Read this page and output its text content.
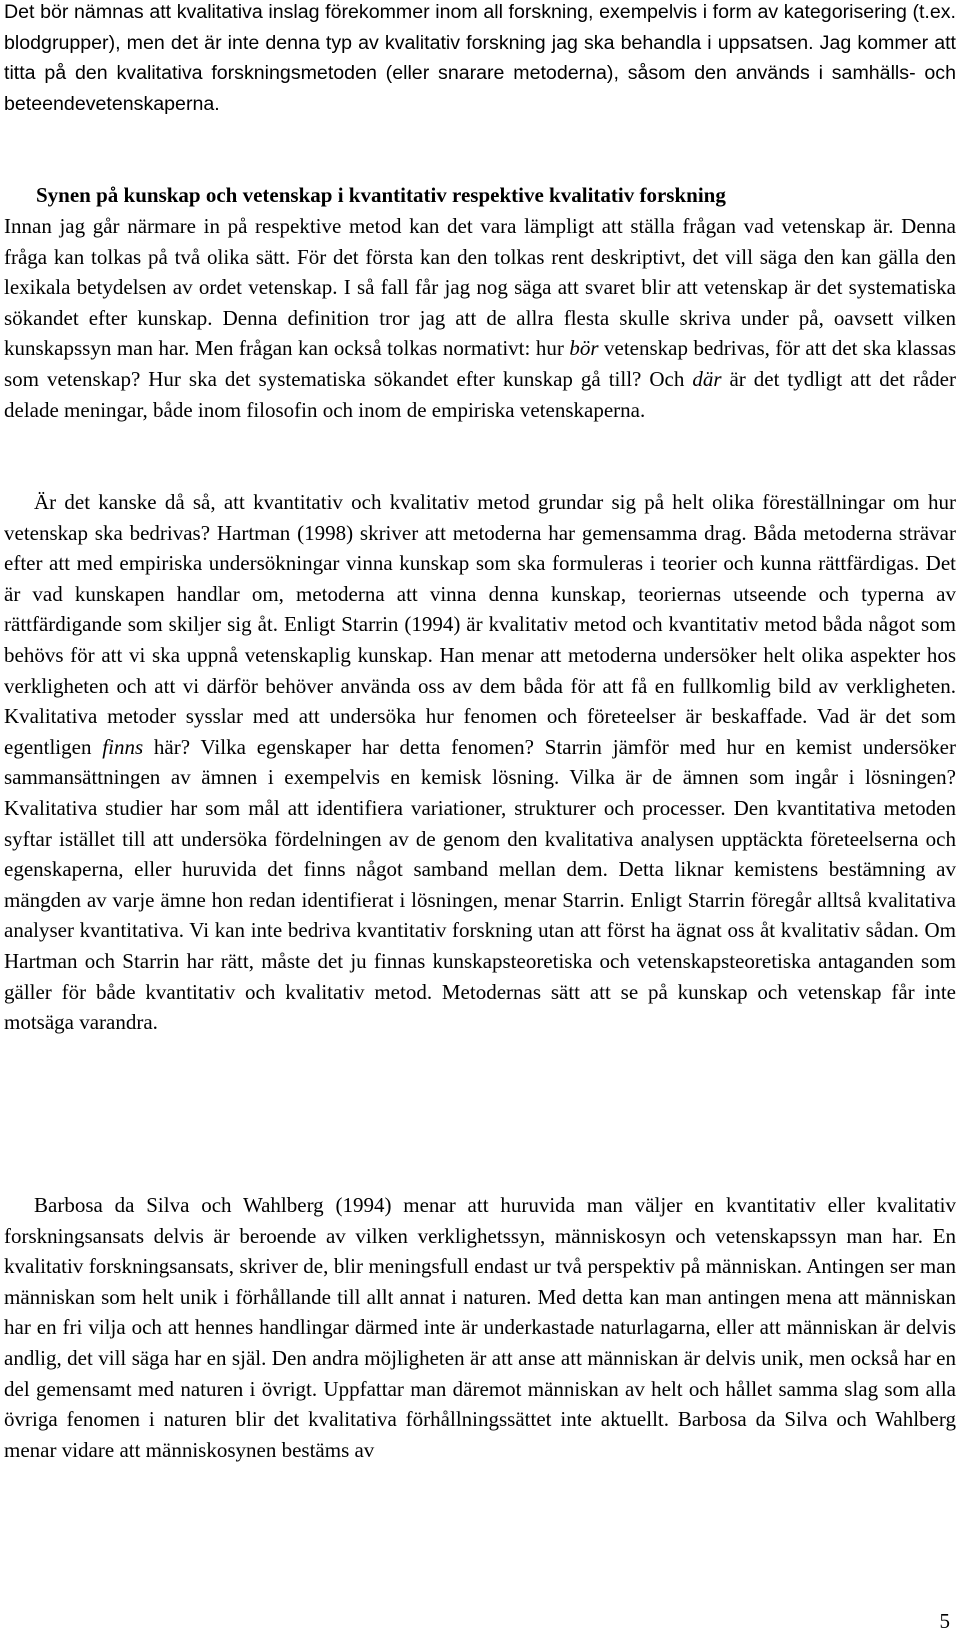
Det bör nämnas att kvalitativa inslag förekommer inom all forskning, exempelvis i form av kategorisering (t.ex. blodgrupper), men det är inte denna typ av kvalitativ forskning jag ska behandla i uppsatsen. Jag kommer att titta på den kvalitativa forskningsmetoden (eller snarare metoderna), såsom den används i samhälls- och beteendevetenskaperna.

Synen på kunskap och vetenskap i kvantitativ respektive kvalitativ forskning

Innan jag går närmare in på respektive metod kan det vara lämpligt att ställa frågan vad vetenskap är. Denna fråga kan tolkas på två olika sätt. För det första kan den tolkas rent deskriptivt, det vill säga den kan gälla den lexikala betydelsen av ordet vetenskap. I så fall får jag nog säga att svaret blir att vetenskap är det systematiska sökandet efter kunskap. Denna definition tror jag att de allra flesta skulle skriva under på, oavsett vilken kunskapssyn man har. Men frågan kan också tolkas normativt: hur bör vetenskap bedrivas, för att det ska klassas som vetenskap? Hur ska det systematiska sökandet efter kunskap gå till? Och där är det tydligt att det råder delade meningar, både inom filosofin och inom de empiriska vetenskaperna.

Är det kanske då så, att kvantitativ och kvalitativ metod grundar sig på helt olika föreställningar om hur vetenskap ska bedrivas? Hartman (1998) skriver att metoderna har gemensamma drag. Båda metoderna strävar efter att med empiriska undersökningar vinna kunskap som ska formuleras i teorier och kunna rättfärdigas. Det är vad kunskapen handlar om, metoderna att vinna denna kunskap, teoriernas utseende och typerna av rättfärdigande som skiljer sig åt. Enligt Starrin (1994) är kvalitativ metod och kvantitativ metod båda något som behövs för att vi ska uppnå vetenskaplig kunskap. Han menar att metoderna undersöker helt olika aspekter hos verkligheten och att vi därför behöver använda oss av dem båda för att få en fullkomlig bild av verkligheten. Kvalitativa metoder sysslar med att undersöka hur fenomen och företeelser är beskaffade. Vad är det som egentligen finns här? Vilka egenskaper har detta fenomen? Starrin jämför med hur en kemist undersöker sammansättningen av ämnen i exempelvis en kemisk lösning. Vilka är de ämnen som ingår i lösningen? Kvalitativa studier har som mål att identifiera variationer, strukturer och processer. Den kvantitativa metoden syftar istället till att undersöka fördelningen av de genom den kvalitativa analysen upptäckta företeelserna och egenskaperna, eller huruvida det finns något samband mellan dem. Detta liknar kemistens bestämning av mängden av varje ämne hon redan identifierat i lösningen, menar Starrin. Enligt Starrin föregår alltså kvalitativa analyser kvantitativa. Vi kan inte bedriva kvantitativ forskning utan att först ha ägnat oss åt kvalitativ sådan. Om Hartman och Starrin har rätt, måste det ju finnas kunskapsteoretiska och vetenskapsteoretiska antaganden som gäller för både kvantitativ och kvalitativ metod. Metodernas sätt att se på kunskap och vetenskap får inte motsäga varandra.

Barbosa da Silva och Wahlberg (1994) menar att huruvida man väljer en kvantitativ eller kvalitativ forskningsansats delvis är beroende av vilken verklighetssyn, människosyn och vetenskapssyn man har. En kvalitativ forskningsansats, skriver de, blir meningsfull endast ur två perspektiv på människan. Antingen ser man människan som helt unik i förhållande till allt annat i naturen. Med detta kan man antingen mena att människan har en fri vilja och att hennes handlingar därmed inte är underkastade naturlagarna, eller att människan är delvis andlig, det vill säga har en själ. Den andra möjligheten är att anse att människan är delvis unik, men också har en del gemensamt med naturen i övrigt. Uppfattar man däremot människan av helt och hållet samma slag som alla övriga fenomen i naturen blir det kvalitativa förhållningssättet inte aktuellt. Barbosa da Silva och Wahlberg menar vidare att människosynen bestäms av

5
